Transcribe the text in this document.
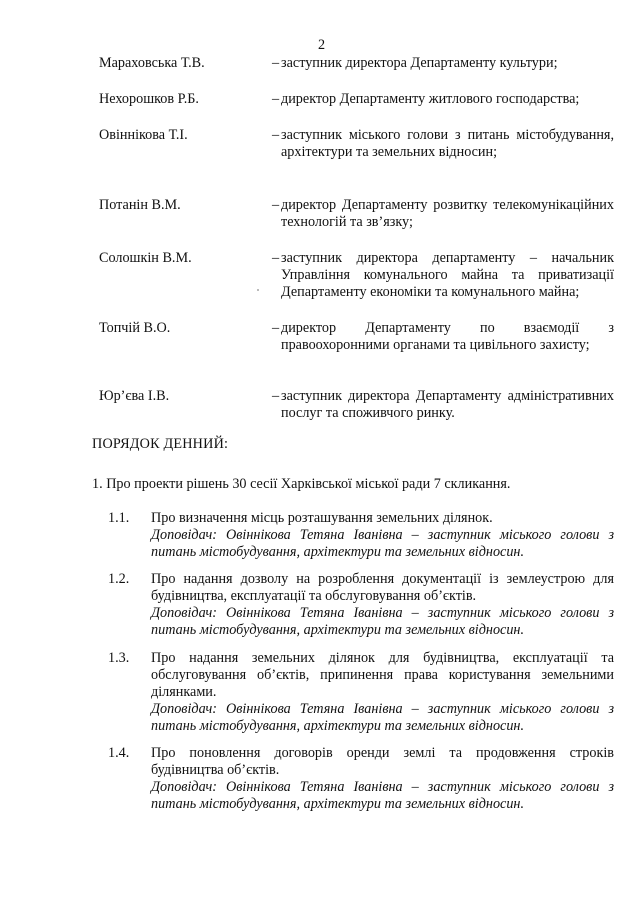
2
Мараховська Т.В.	– заступник директора Департаменту культури;
Нехорошков Р.Б.	– директор Департаменту житлового господарства;
Овіннікова Т.І.	– заступник міського голови з питань містобудування, архітектури та земельних відносин;
Потанін В.М.	– директор Департаменту розвитку телекомунікаційних технологій та зв’язку;
Солошкін В.М.	– заступник директора департаменту – начальник Управління комунального майна та приватизації Департаменту економіки та комунального майна;
Топчій В.О.	– директор Департаменту по взаємодії з правоохоронними органами та цивільного захисту;
Юр’єва І.В.	– заступник директора Департаменту адміністративних послуг та споживчого ринку.
ПОРЯДОК ДЕННИЙ:
1. Про проекти рішень 30 сесії Харківської міської ради 7 скликання.
1.1.	Про визначення місць розташування земельних ділянок.
Доповідач: Овіннікова Тетяна Іванівна – заступник міського голови з питань містобудування, архітектури та земельних відносин.
1.2.	Про надання дозволу на розроблення документації із землеустрою для будівництва, експлуатації та обслуговування об’єктів.
Доповідач: Овіннікова Тетяна Іванівна – заступник міського голови з питань містобудування, архітектури та земельних відносин.
1.3.	Про надання земельних ділянок для будівництва, експлуатації та обслуговування об’єктів, припинення права користування земельними ділянками.
Доповідач: Овіннікова Тетяна Іванівна – заступник міського голови з питань містобудування, архітектури та земельних відносин.
1.4.	Про поновлення договорів оренди землі та продовження строків будівництва об’єктів.
Доповідач: Овіннікова Тетяна Іванівна – заступник міського голови з питань містобудування, архітектури та земельних відносин.
